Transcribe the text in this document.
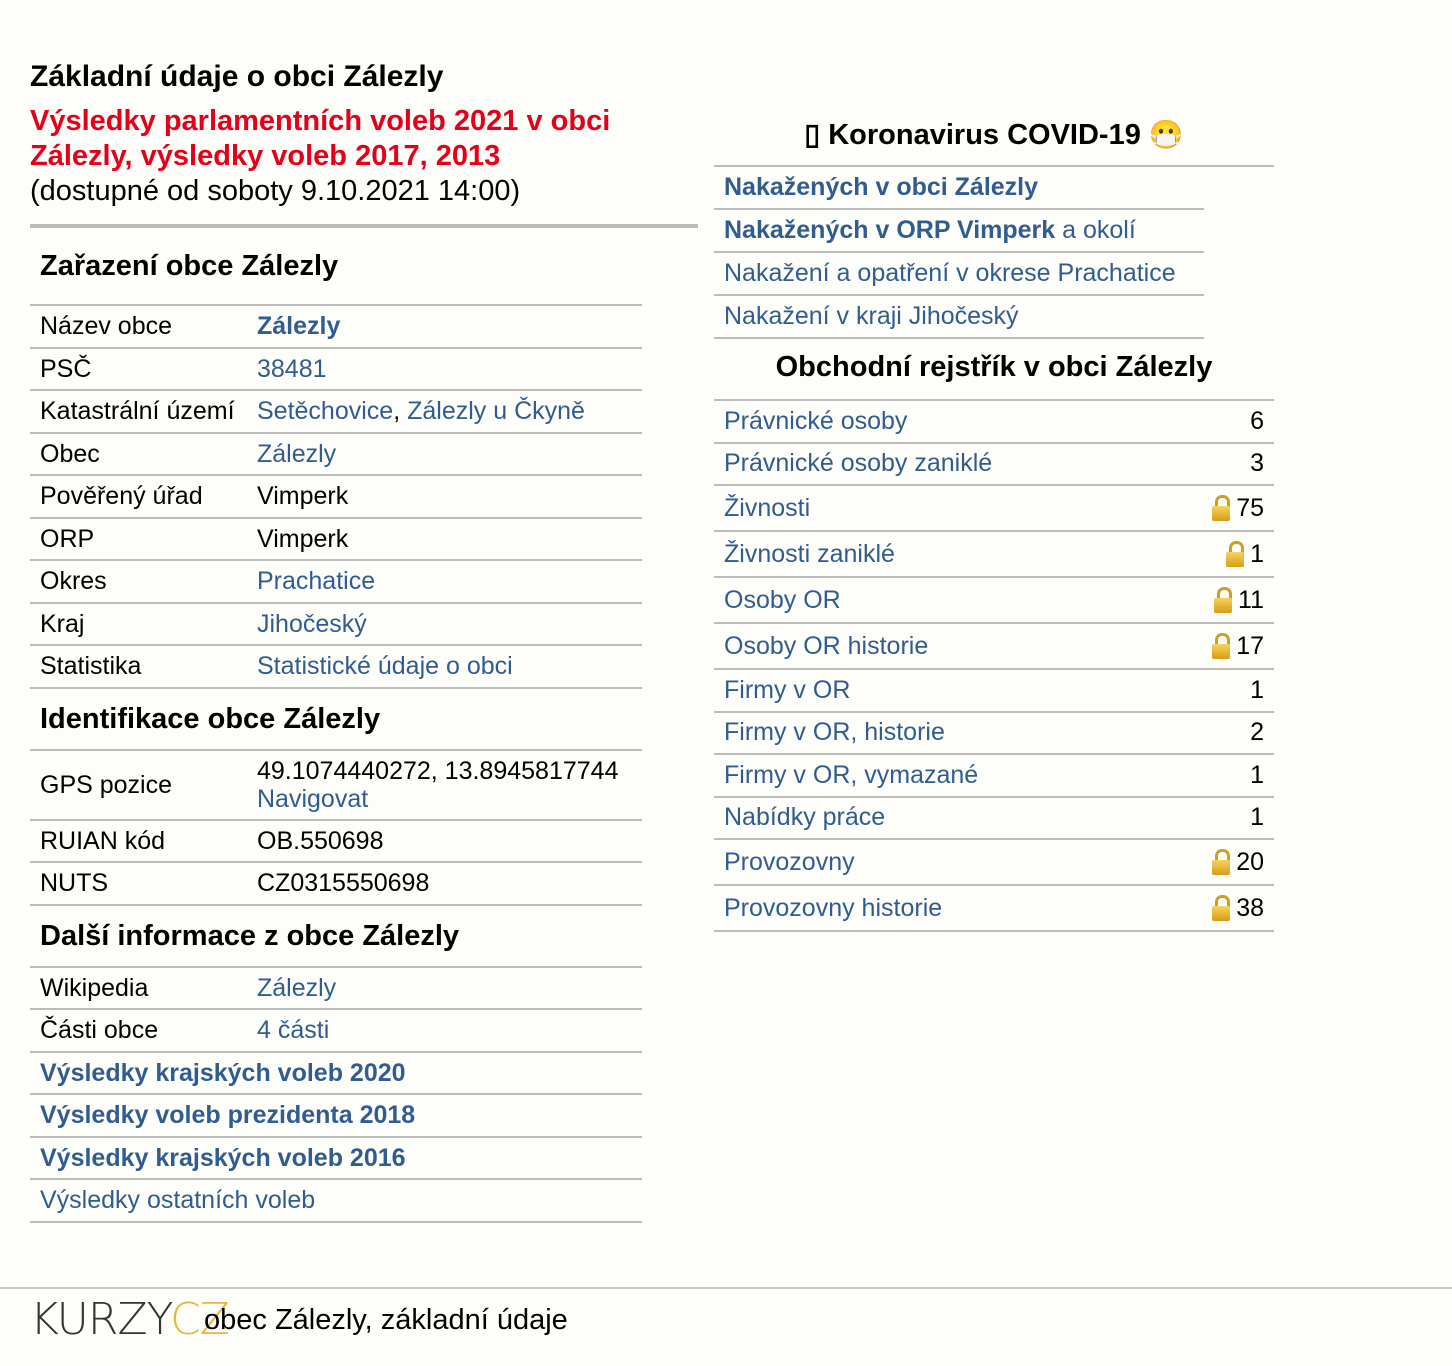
Základní údaje o obci Zálezly
Výsledky parlamentních voleb 2021 v obci Zálezly, výsledky voleb 2017, 2013
(dostupné od soboty 9.10.2021 14:00)
Zařazení obce Zálezly	
Název obce	Zálezly
PSČ	38481
Katastrální území	Setěchovice, Zálezly u Čkyně
Obec	Zálezly
Pověřený úřad	Vimperk
ORP	Vimperk
Okres	Prachatice
Kraj	Jihočeský
Statistika	Statistické údaje o obci
Identifikace obce Zálezly	
GPS pozice	49.1074440272, 13.8945817744
Navigovat
RUIAN kód	OB.550698
NUTS	CZ0315550698
Další informace z obce Zálezly	
Wikipedia	Zálezly
Části obce	4 části
Výsledky krajských voleb 2020	
Výsledky voleb prezidenta 2018	
Výsledky krajských voleb 2016	
Výsledky ostatních voleb	
▯ Koronavirus COVID-19 😷
Nakažených v obci Zálezly
Nakažených v ORP Vimperk a okolí
Nakažení a opatření v okrese Prachatice
Nakažení v kraji Jihočeský
Obchodní rejstřík v obci Zálezly
Právnické osoby	6
Právnické osoby zaniklé	3
Živnosti	75
Živnosti zaniklé	1
Osoby OR	11
Osoby OR historie	17
Firmy v OR	1
Firmy v OR, historie	2
Firmy v OR, vymazané	1
Nabídky práce	1
Provozovny	20
Provozovny historie	38
KURZYCZ
obec Zálezly, základní údaje
